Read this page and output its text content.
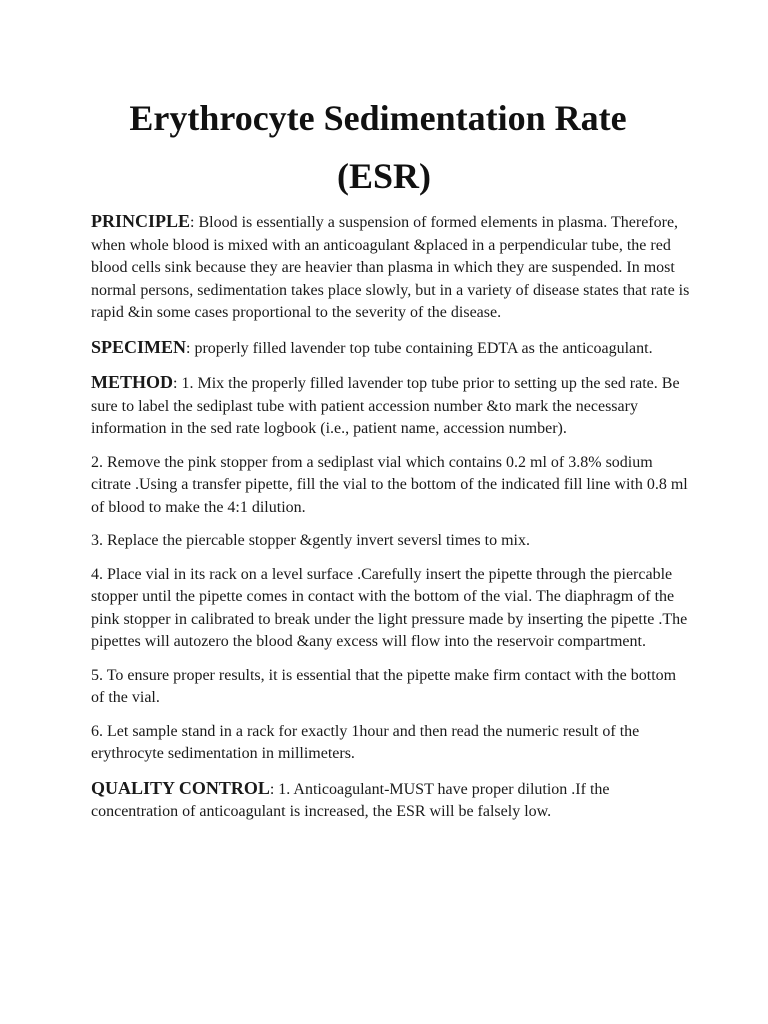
Erythrocyte Sedimentation Rate
(ESR)

PRINCIPLE: Blood is essentially a suspension of formed elements in plasma. Therefore, when whole blood is mixed with an anticoagulant &placed in a perpendicular tube, the red blood cells sink because they are heavier than plasma in which they are suspended. In most normal persons, sedimentation takes place slowly, but in a variety of disease states that rate is rapid &in some cases proportional to the severity of the disease.

SPECIMEN: properly filled lavender top tube containing EDTA as the anticoagulant.

METHOD: 1. Mix the properly filled lavender top tube prior to setting up the sed rate. Be sure to label the sediplast tube with patient accession number &to mark the necessary information in the sed rate logbook (i.e., patient name, accession number).

2. Remove the pink stopper from a sediplast vial which contains 0.2 ml of 3.8% sodium citrate .Using a transfer pipette, fill the vial to the bottom of the indicated fill line with 0.8 ml of blood to make the 4:1 dilution.

3. Replace the piercable stopper &gently invert seversl times to mix.

4. Place vial in its rack on a level surface .Carefully insert the pipette through the piercable stopper until the pipette comes in contact with the bottom of the vial. The diaphragm of the pink stopper in calibrated to break under the light pressure made by inserting the pipette .The pipettes will autozero the blood &any excess will flow into the reservoir compartment.

5. To ensure proper results, it is essential that the pipette make firm contact with the bottom of the vial.

6. Let sample stand in a rack for exactly 1hour and then read the numeric result of the erythrocyte sedimentation in millimeters.

QUALITY CONTROL: 1. Anticoagulant-MUST have proper dilution .If the concentration of anticoagulant is increased, the ESR will be falsely low.
